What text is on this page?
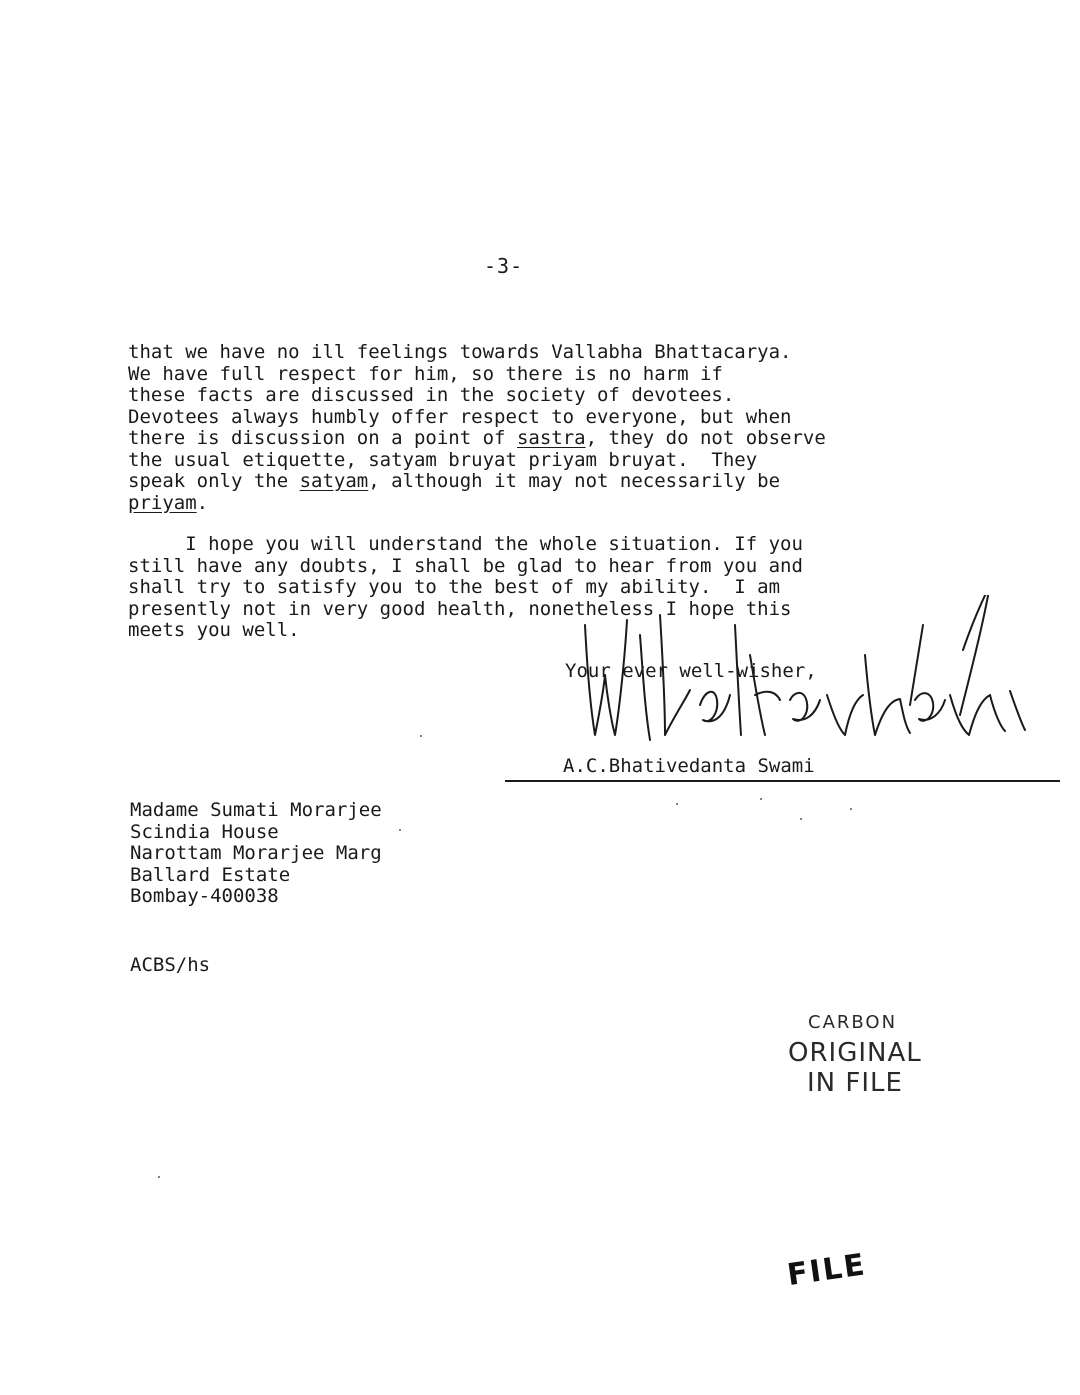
-3-
that we have no ill feelings towards Vallabha Bhattacarya.
We have full respect for him, so there is no harm if
these facts are discussed in the society of devotees.
Devotees always humbly offer respect to everyone, but when
there is discussion on a point of sastra, they do not observe
the usual etiquette, satyam bruyat priyam bruyat.  They
speak only the satyam, although it may not necessarily be
priyam.
I hope you will understand the whole situation. If you
still have any doubts, I shall be glad to hear from you and
shall try to satisfy you to the best of my ability.  I am
presently not in very good health, nonetheless I hope this
meets you well.
Your ever well-wisher,
A.C.Bhativedanta Swami
Madame Sumati Morarjee
Scindia House
Narottam Morarjee Marg
Ballard Estate
Bombay-400038
ACBS/hs
CARBON
ORIGINAL
IN FILE
FILE
